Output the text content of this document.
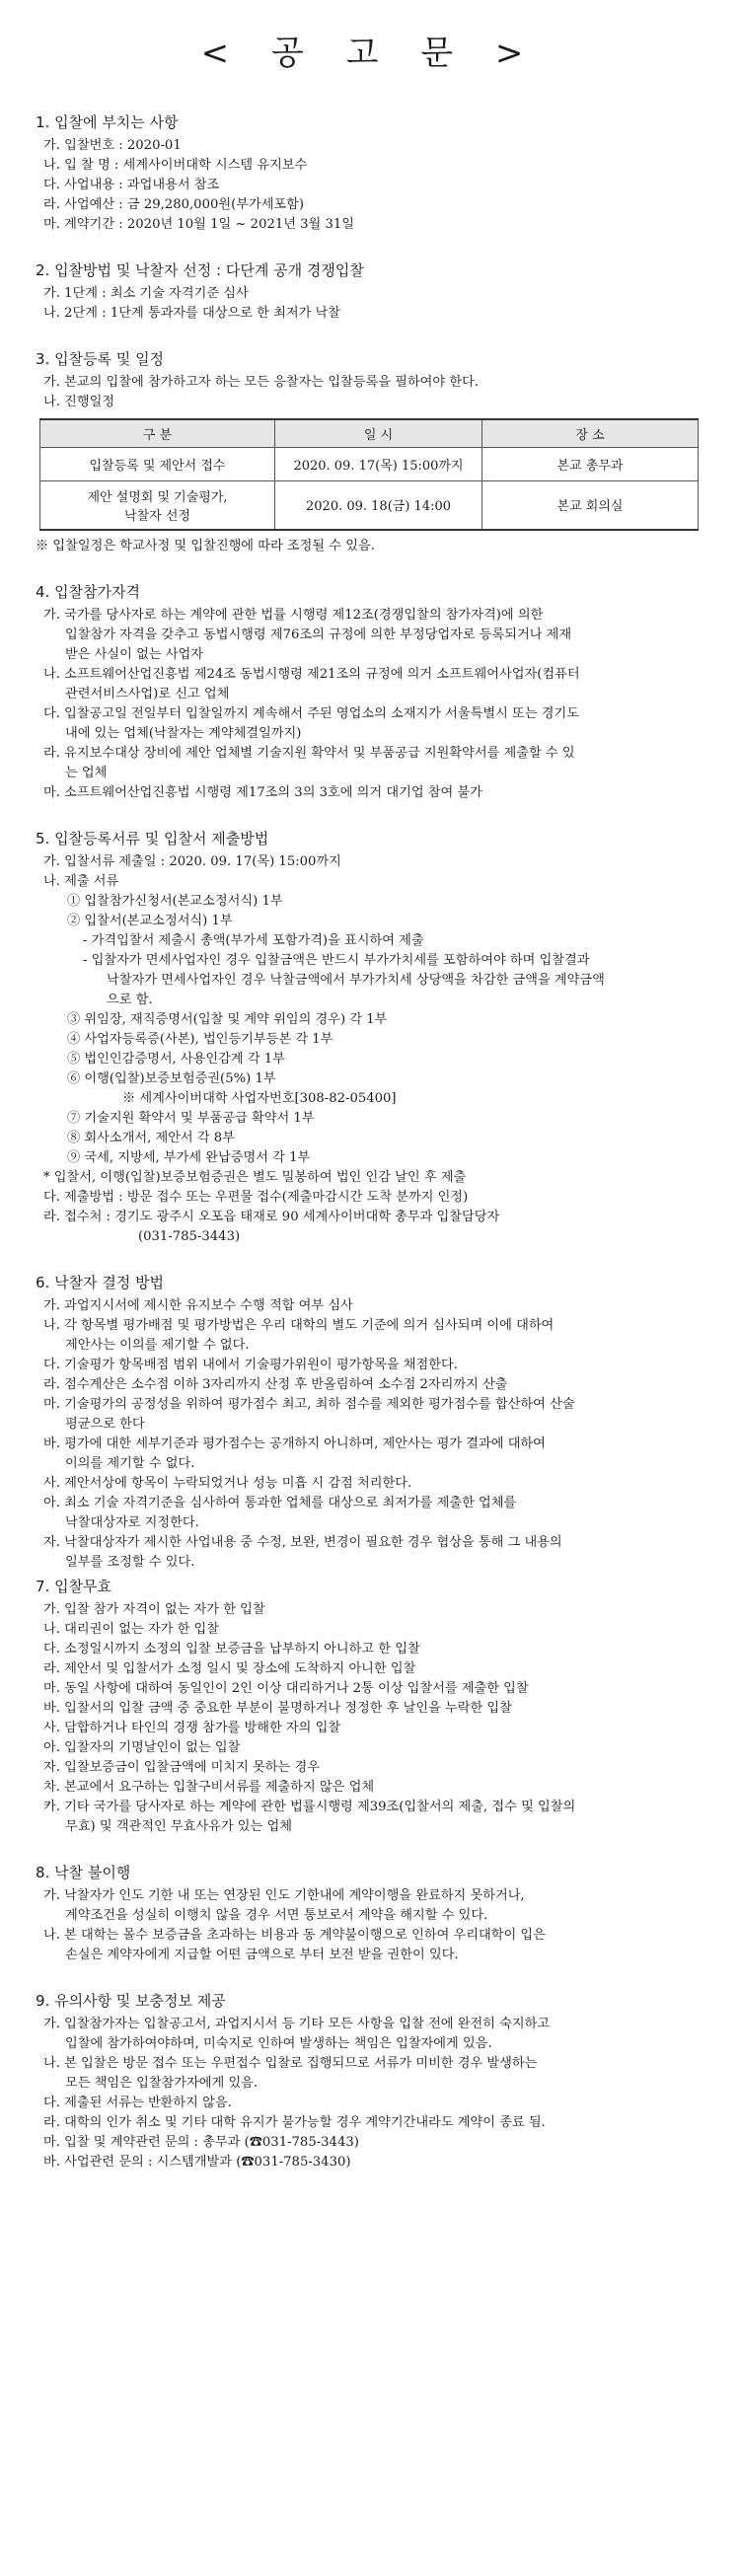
< 공 고 문 >
1. 입찰에 부치는 사항
가. 입찰번호 : 2020-01
나. 입 찰 명 : 세계사이버대학 시스템 유지보수
다. 사업내용 : 과업내용서 참조
라. 사업예산 : 금 29,280,000원(부가세포함)
마. 계약기간 : 2020년 10월 1일 ~ 2021년 3월 31일
2. 입찰방법 및 낙찰자 선정 : 다단계 공개 경쟁입찰
가. 1단계 : 최소 기술 자격기준 심사
나. 2단계 : 1단계 통과자를 대상으로 한 최저가 낙찰
3. 입찰등록 및 일정
가. 본교의 입찰에 참가하고자 하는 모든 응찰자는 입찰등록을 필하여야 한다.
나. 진행일정
구 분	일 시	장 소
입찰등록 및 제안서 접수	2020. 09. 17(목) 15:00까지	본교 총무과

제안 설명회 및 기술평가,
낙찰자 선정	2020. 09. 18(금) 14:00	본교 회의실
※ 입찰일정은 학교사정 및 입찰진행에 따라 조정될 수 있음.
4. 입찰참가자격
가. 국가를 당사자로 하는 계약에 관한 법률 시행령 제12조(경쟁입찰의 참가자격)에 의한
입찰참가 자격을 갖추고 동법시행령 제76조의 규정에 의한 부정당업자로 등록되거나 제재
받은 사실이 없는 사업자
나. 소프트웨어산업진흥법 제24조 동법시행령 제21조의 규정에 의거 소프트웨어사업자(컴퓨터
관련서비스사업)로 신고 업체
다. 입찰공고일 전일부터 입찰일까지 계속해서 주된 영업소의 소재지가 서울특별시 또는 경기도
내에 있는 업체(낙찰자는 계약체결일까지)
라. 유지보수대상 장비에 제안 업체별 기술지원 확약서 및 부품공급 지원확약서를 제출할 수 있
는 업체
마. 소프트웨어산업진흥법 시행령 제17조의 3의 3호에 의거 대기업 참여 불가
5. 입찰등록서류 및 입찰서 제출방법
가. 입찰서류 제출일 : 2020. 09. 17(목) 15:00까지
나. 제출 서류
① 입찰참가신청서(본교소정서식) 1부
② 입찰서(본교소정서식) 1부
- 가격입찰서 제출시 총액(부가세 포함가격)을 표시하여 제출
- 입찰자가 면세사업자인 경우 입찰금액은 반드시 부가가치세를 포함하여야 하며 입찰결과
낙찰자가 면세사업자인 경우 낙찰금액에서 부가가치세 상당액을 차감한 금액을 계약금액
으로 함.
③ 위임장, 재직증명서(입찰 및 계약 위임의 경우) 각 1부
④ 사업자등록증(사본), 법인등기부등본 각 1부
⑤ 법인인감증명서, 사용인감계 각 1부
⑥ 이행(입찰)보증보험증권(5%) 1부
※ 세계사이버대학 사업자번호[308-82-05400]
⑦ 기술지원 확약서 및 부품공급 확약서 1부
⑧ 회사소개서, 제안서 각 8부
⑨ 국세, 지방세, 부가세 완납증명서 각 1부
* 입찰서, 이행(입찰)보증보험증권은 별도 밀봉하여 법인 인감 날인 후 제출
다. 제출방법 : 방문 접수 또는 우편물 접수(제출마감시간 도착 분까지 인정)
라. 접수처 : 경기도 광주시 오포읍 태재로 90 세계사이버대학 총무과 입찰담당자
(031-785-3443)
6. 낙찰자 결정 방법
가. 과업지시서에 제시한 유지보수 수행 적합 여부 심사
나. 각 항목별 평가배점 및 평가방법은 우리 대학의 별도 기준에 의거 심사되며 이에 대하여
제안사는 이의를 제기할 수 없다.
다. 기술평가 항목배점 범위 내에서 기술평가위원이 평가항목을 채점한다.
라. 점수계산은 소수점 이하 3자리까지 산정 후 반올림하여 소수점 2자리까지 산출
마. 기술평가의 공정성을 위하여 평가점수 최고, 최하 점수를 제외한 평가점수를 합산하여 산술
평균으로 한다
바. 평가에 대한 세부기준과 평가점수는 공개하지 아니하며, 제안사는 평가 결과에 대하여
이의를 제기할 수 없다.
사. 제안서상에 항목이 누락되었거나 성능 미흡 시 감점 처리한다.
아. 최소 기술 자격기준을 심사하여 통과한 업체를 대상으로 최저가를 제출한 업체를
낙찰대상자로 지정한다.
자. 낙찰대상자가 제시한 사업내용 중 수정, 보완, 변경이 필요한 경우 협상을 통해 그 내용의
일부를 조정할 수 있다.
7. 입찰무효
가. 입찰 참가 자격이 없는 자가 한 입찰
나. 대리권이 없는 자가 한 입찰
다. 소정일시까지 소정의 입찰 보증금을 납부하지 아니하고 한 입찰
라. 제안서 및 입찰서가 소정 일시 및 장소에 도착하지 아니한 입찰
마. 동일 사항에 대하여 동일인이 2인 이상 대리하거나 2통 이상 입찰서를 제출한 입찰
바. 입찰서의 입찰 금액 중 중요한 부분이 불명하거나 정정한 후 날인을 누락한 입찰
사. 담합하거나 타인의 경쟁 참가를 방해한 자의 입찰
아. 입찰자의 기명날인이 없는 입찰
자. 입찰보증금이 입찰금액에 미치지 못하는 경우
차. 본교에서 요구하는 입찰구비서류를 제출하지 않은 업체
카. 기타 국가를 당사자로 하는 계약에 관한 법률시행령 제39조(입찰서의 제출, 접수 및 입찰의
무효) 및 객관적인 무효사유가 있는 업체
8. 낙찰 불이행
가. 낙찰자가 인도 기한 내 또는 연장된 인도 기한내에 계약이행을 완료하지 못하거나,
계약조건을 성실히 이행치 않을 경우 서면 통보로서 계약을 해지할 수 있다.
나. 본 대학는 몰수 보증금을 초과하는 비용과 동 계약불이행으로 인하여 우리대학이 입은
손실은 계약자에게 지급할 어떤 금액으로 부터 보전 받을 권한이 있다.
9. 유의사항 및 보충정보 제공
가. 입찰참가자는 입찰공고서, 과업지시서 등 기타 모든 사항을 입찰 전에 완전히 숙지하고
입찰에 참가하여야하며, 미숙지로 인하여 발생하는 책임은 입찰자에게 있음.
나. 본 입찰은 방문 접수 또는 우편접수 입찰로 집행되므로 서류가 미비한 경우 발생하는
모든 책임은 입찰참가자에게 있음.
다. 제출된 서류는 반환하지 않음.
라. 대학의 인가 취소 및 기타 대학 유지가 불가능할 경우 계약기간내라도 계약이 종료 됨.
마. 입찰 및 계약관련 문의 : 총무과 (☎031-785-3443)
바. 사업관련 문의 : 시스템개발과 (☎031-785-3430)
